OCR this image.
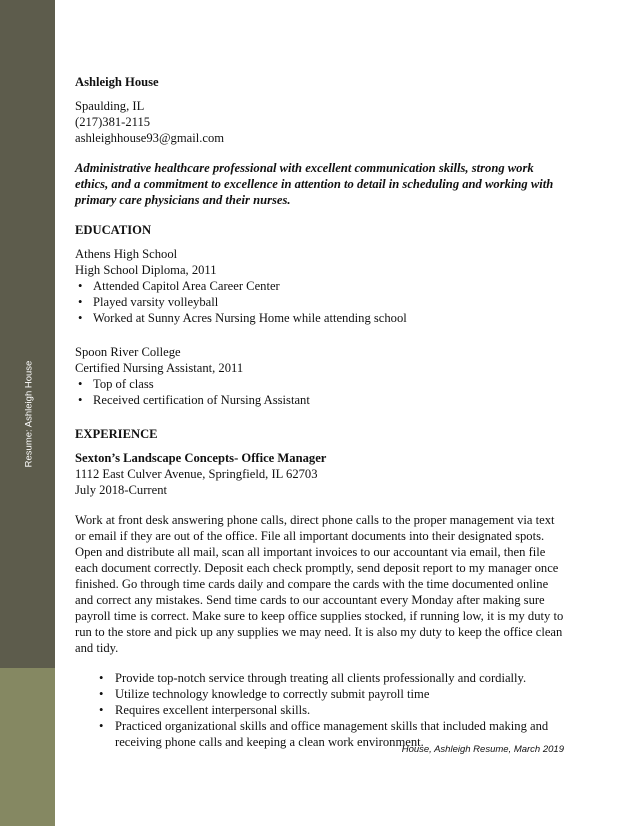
Resume: Ashleigh House
Ashleigh House
Spaulding, IL
(217)381-2115
ashleighhouse93@gmail.com

Administrative healthcare professional with excellent communication skills, strong work ethics, and a commitment to excellence in attention to detail in scheduling and working with primary care physicians and their nurses.

EDUCATION
Athens High School
High School Diploma, 2011
• Attended Capitol Area Career Center
• Played varsity volleyball
• Worked at Sunny Acres Nursing Home while attending school
Spoon River College
Certified Nursing Assistant, 2011
• Top of class
• Received certification of Nursing Assistant
EXPERIENCE
Sexton’s Landscape Concepts- Office Manager
1112 East Culver Avenue, Springfield, IL 62703
July 2018-Current

Work at front desk answering phone calls, direct phone calls to the proper management via text or email if they are out of the office. File all important documents into their designated spots. Open and distribute all mail, scan all important invoices to our accountant via email, then file each document correctly. Deposit each check promptly, send deposit report to my manager once finished. Go through time cards daily and compare the cards with the time documented online and correct any mistakes. Send time cards to our accountant every Monday after making sure payroll time is correct. Make sure to keep office supplies stocked, if running low, it is my duty to run to the store and pick up any supplies we may need. It is also my duty to keep the office clean and tidy.

• Provide top-notch service through treating all clients professionally and cordially.
• Utilize technology knowledge to correctly submit payroll time
• Requires excellent interpersonal skills.
• Practiced organizational skills and office management skills that included making and receiving phone calls and keeping a clean work environment.
House, Ashleigh Resume, March 2019
